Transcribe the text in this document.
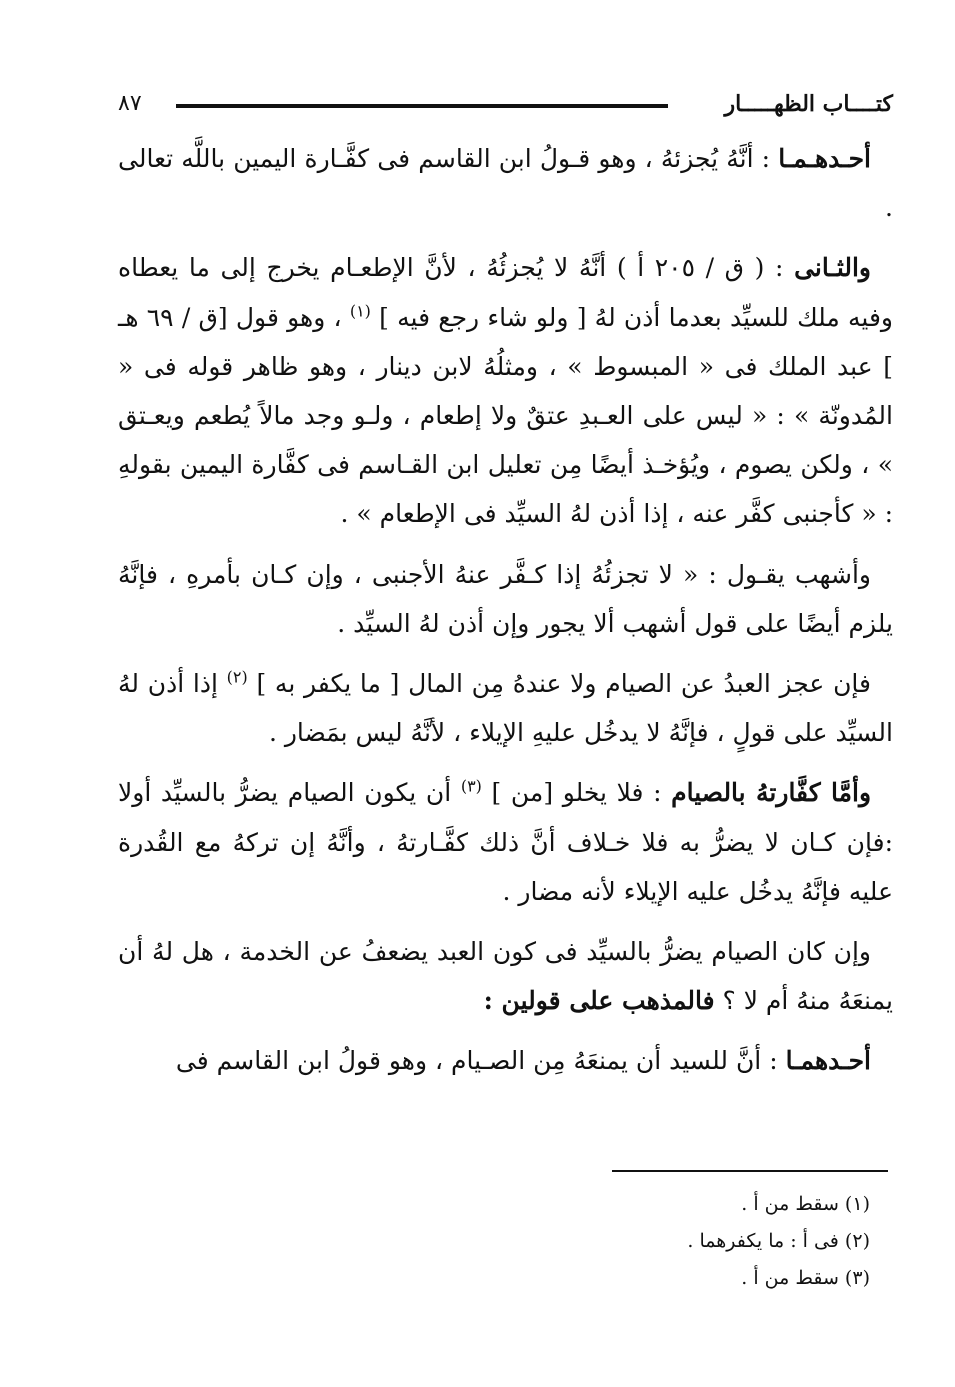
كتــــاب الظهـــــار
٨٧

أحـدهـمـا : أنَّهُ يُجزئهُ ، وهو قـولُ ابن القاسم فى كفَّـارة اليمين باللَّه تعالى .

والثـانى : ( ق / ٢٠٥ أ ) أنَّهُ لا يُجزئُهُ ، لأنَّ الإطعـام يخرج إلى ما يعطاه وفيه ملك للسيِّد بعدما أذن لهُ [ ولو شاء رجع فيه ] $^{(١)}$ ، وهو قول [ق / ٦٩ هـ ] عبد الملك فى « المبسوط » ، ومثلُهُ لابن دينار ، وهو ظاهر قوله فى « المُدونّة » : « ليس على العـبدِ عتقٌ ولا إطعام ، ولـو وجد مالاً يُطعم ويعـتق » ، ولكن يصوم ، ويُؤخـذ أيضًا مِن تعليل ابن القـاسم فى كفَّارة اليمين بقولهِ : « كأجنبى كفَّر عنه ، إذا أذن لهُ السيِّد فى الإطعام » .

وأشهب يقـول : « لا تجزئُهُ إذا كـفَّر عنهُ الأجنبى ، وإن كـان بأمرهِ ، فإنَّهُ يلزم أيضًا على قول أشهب ألا يجور وإن أذن لهُ السيِّد .

فإن عجز العبدُ عن الصيام ولا عندهُ مِن المال [ ما يكفر به ] $^{(٢)}$ إذا أذن لهُ السيِّد على قولٍ ، فإنَّهُ لا يدخُل عليهِ الإيلاء ، لأنَّهُ ليس بمَضار .

وأمَّا كفَّارتهُ بالصيام : فلا يخلو [من ] $^{(٣)}$ أن يكون الصيام يضرُّ بالسيِّد أولا :فإن كـان لا يضرُّ به فلا خـلاف أنَّ ذلك كفَّـارتهُ ، وأنَّهُ إن تركهُ مع القُدرة عليه فإنَّهُ يدخُل عليه الإيلاء لأنه مضار .

وإن كان الصيام يضرُّ بالسيِّد فى كون العبد يضعفُ عن الخدمة ، هل لهُ أن يمنعَهُ منهُ أم لا ؟ فالمذهب على قولين :

أحـدهمـا : أنَّ للسيد أن يمنعَهُ مِن الصـيام ، وهو قولُ ابن القاسم فى

(١) سقط من أ .

(٢) فى أ : ما يكفرهما .

(٣) سقط من أ .
